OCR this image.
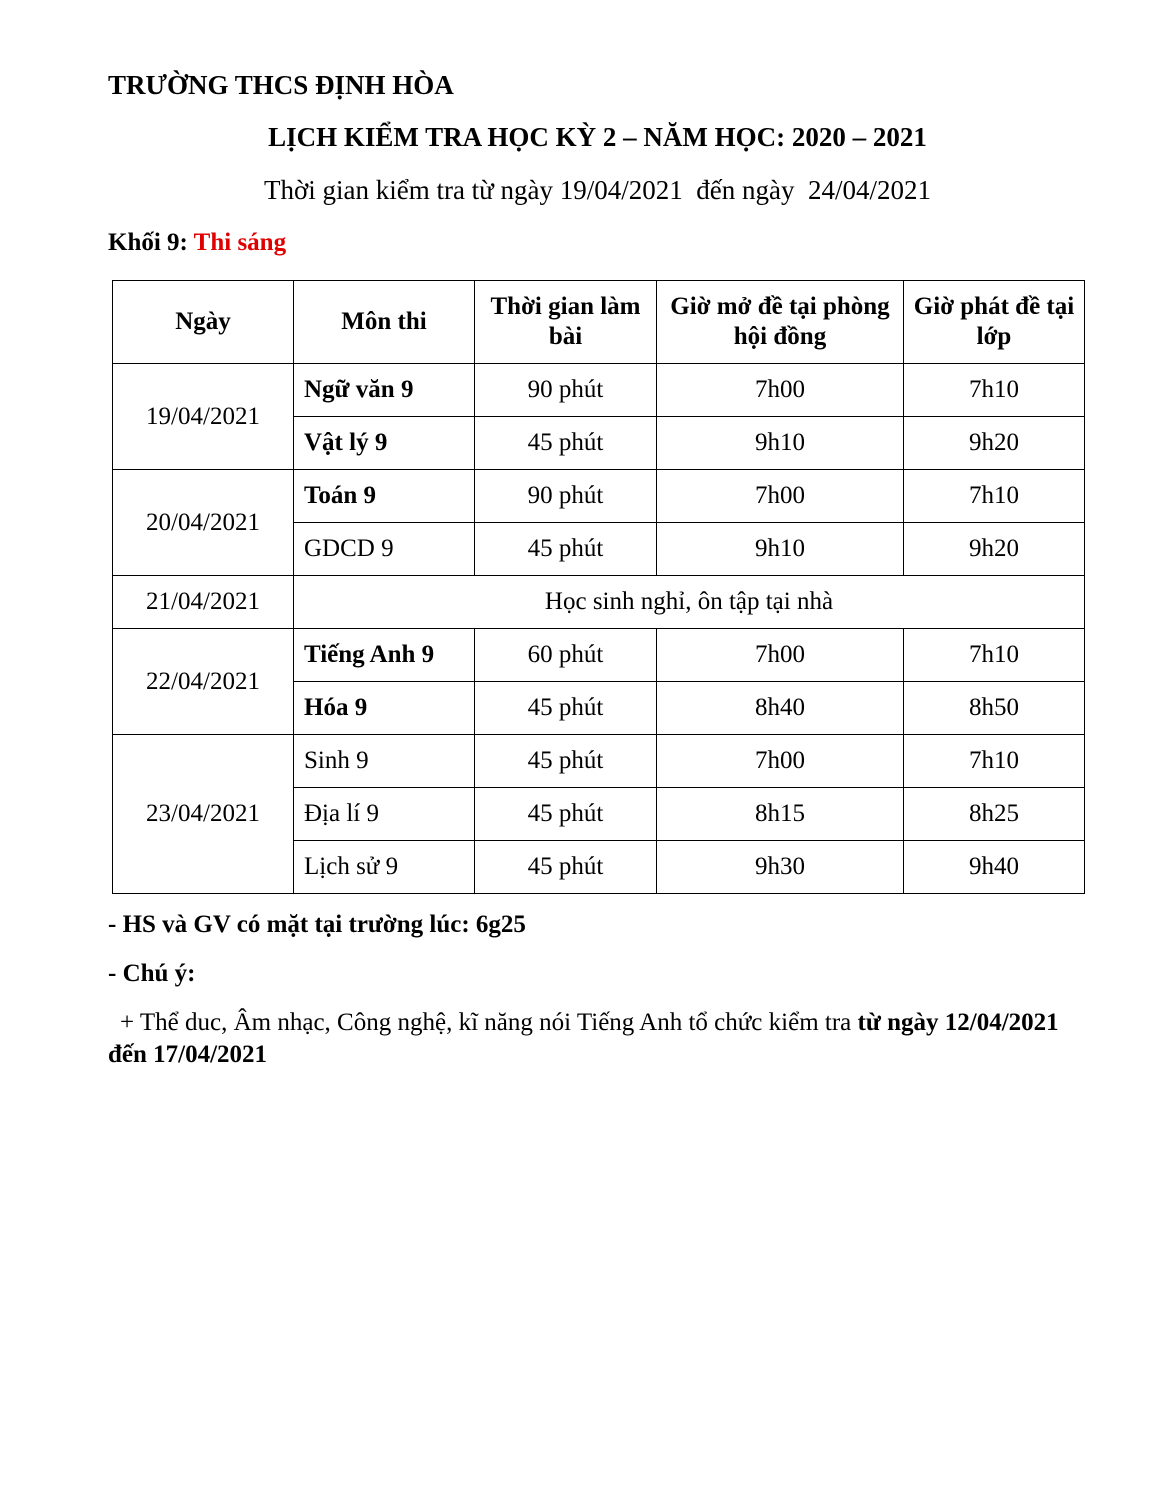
TRƯỜNG THCS ĐỊNH HÒA
LỊCH KIỂM TRA HỌC KỲ 2 – NĂM HỌC: 2020 – 2021
Thời gian kiểm tra từ ngày 19/04/2021  đến ngày  24/04/2021
Khối 9: Thi sáng
Ngày	Môn thi	Thời gian làm bài	Giờ mở đề tại phòng hội đồng	Giờ phát đề tại lớp
19/04/2021	Ngữ văn 9	90 phút	7h00	7h10
	Vật lý 9	45 phút	9h10	9h20
20/04/2021	Toán 9	90 phút	7h00	7h10
	GDCD 9	45 phút	9h10	9h20
21/04/2021	Học sinh nghỉ, ôn tập tại nhà			
22/04/2021	Tiếng Anh 9	60 phút	7h00	7h10
	Hóa 9	45 phút	8h40	8h50
23/04/2021	Sinh 9	45 phút	7h00	7h10
	Địa lí 9	45 phút	8h15	8h25
	Lịch sử 9	45 phút	9h30	9h40
- HS và GV có mặt tại trường lúc: 6g25
- Chú ý:
+ Thể duc, Âm nhạc, Công nghệ, kĩ năng nói Tiếng Anh tổ chức kiểm tra từ ngày 12/04/2021 đến 17/04/2021
